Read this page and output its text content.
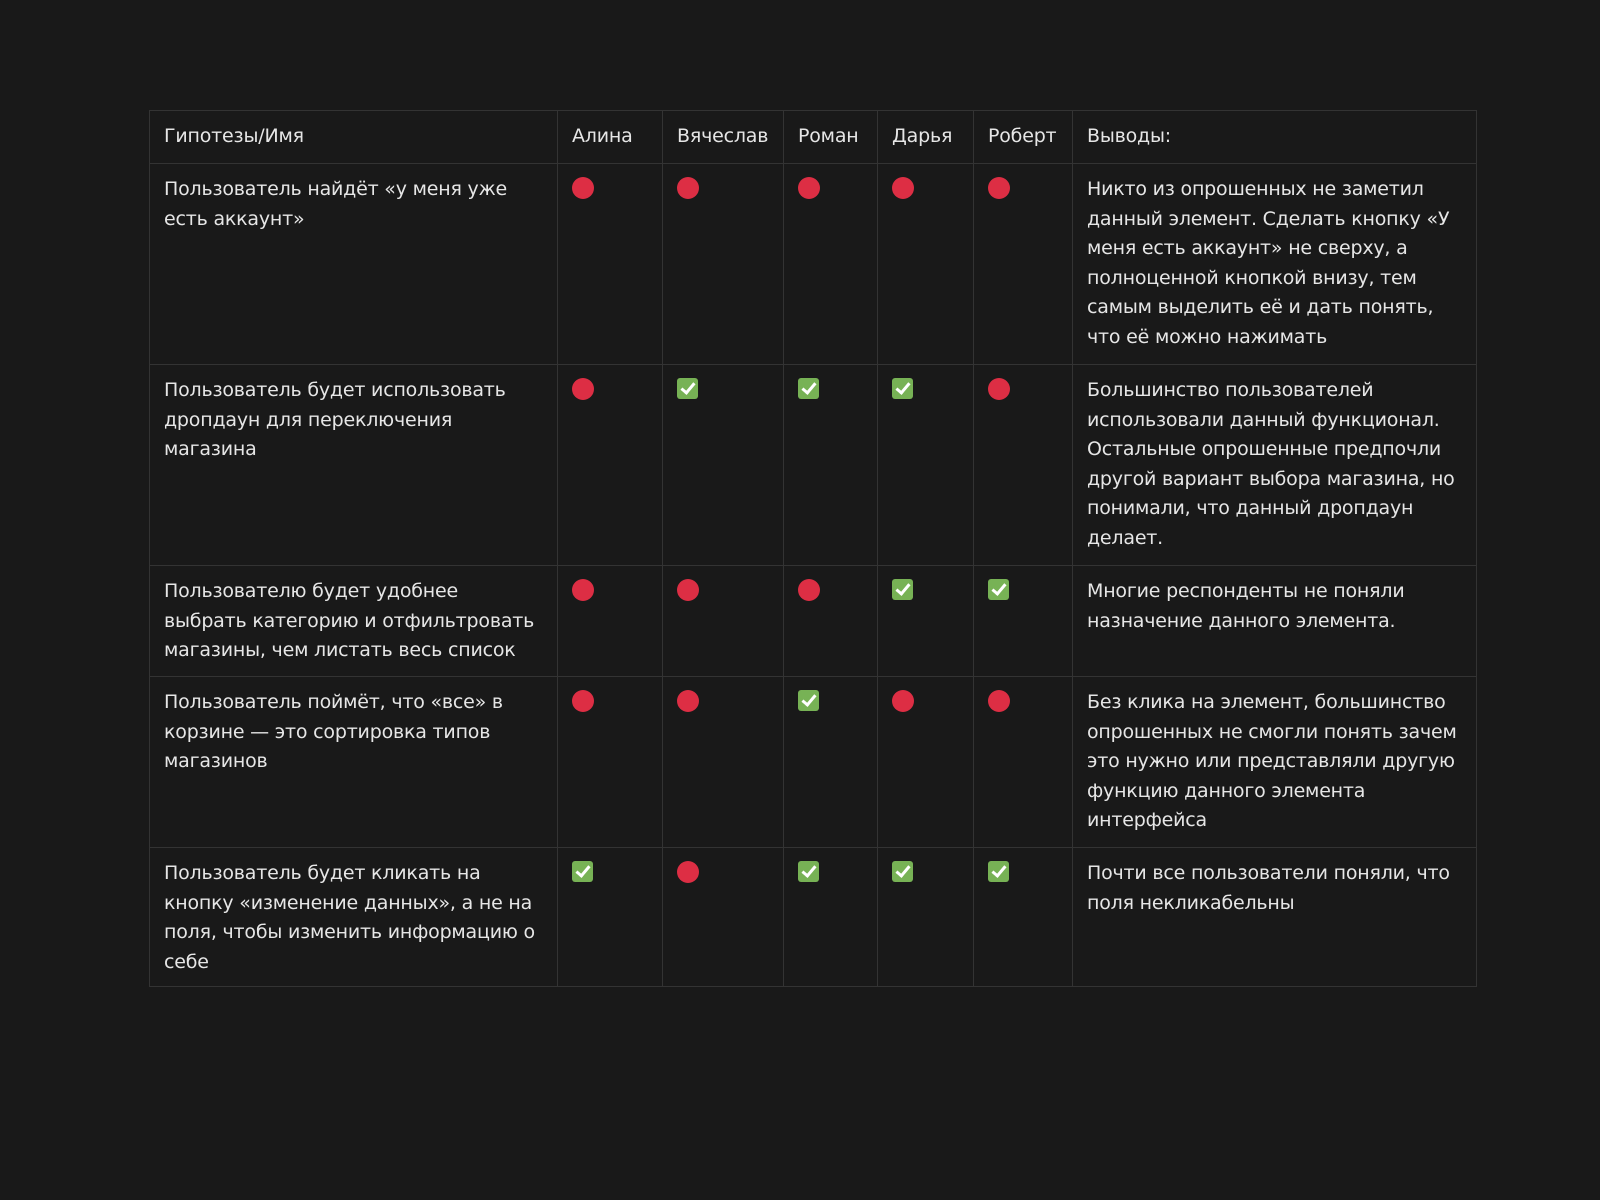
Гипотезы/Имя	Алина	Вячеслав	Роман	Дарья	Роберт	Выводы:
Пользователь найдёт «у меня уже есть аккаунт»						Никто из опрошенных не заметил данный элемент. Сделать кнопку «У меня есть аккаунт» не сверху, а полноценной кнопкой внизу, тем самым выделить её и дать понять, что её можно нажимать
Пользователь будет использовать дропдаун для переключения магазина						Большинство пользователей использовали данный функционал. Остальные опрошенные предпочли другой вариант выбора магазина, но понимали, что данный дропдаун делает.
Пользователю будет удобнее выбрать категорию и отфильтровать магазины, чем листать весь список						Многие респонденты не поняли назначение данного элемента.
Пользователь поймёт, что «все» в корзине — это сортировка типов магазинов						Без клика на элемент, большинство опрошенных не смогли понять зачем это нужно или представляли другую функцию данного элемента интерфейса
Пользователь будет кликать на кнопку «изменение данных», а не на поля, чтобы изменить информацию о себе						Почти все пользователи поняли, что поля некликабельны
